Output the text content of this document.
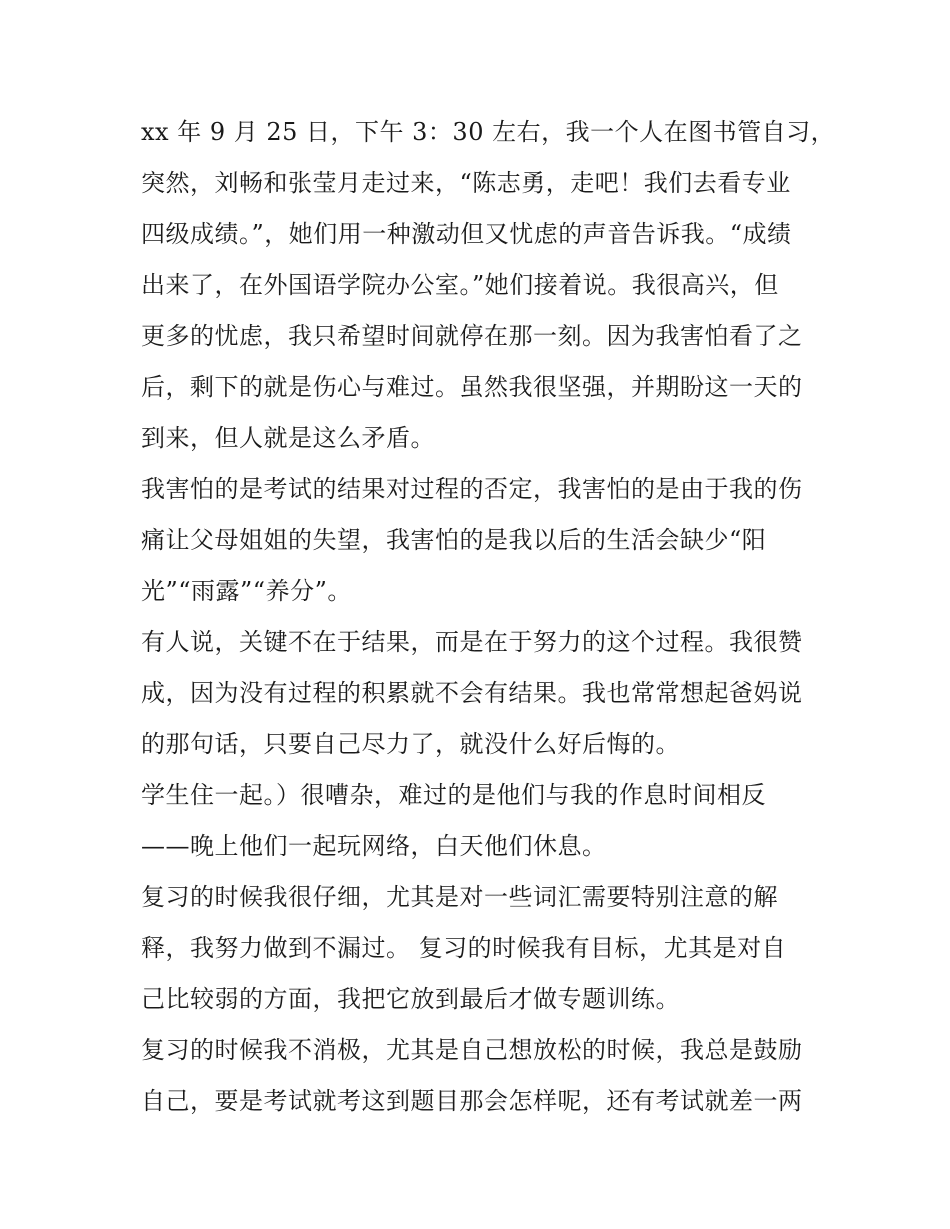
xx 年 9 月 25 日，下午 3：30 左右，我一个人在图书管自习，
突然，刘畅和张莹月走过来，“陈志勇，走吧！我们去看专业
四级成绩。”，她们用一种激动但又忧虑的声音告诉我。“成绩
出来了，在外国语学院办公室。”她们接着说。我很高兴，但
更多的忧虑，我只希望时间就停在那一刻。因为我害怕看了之
后，剩下的就是伤心与难过。虽然我很坚强，并期盼这一天的
到来，但人就是这么矛盾。
我害怕的是考试的结果对过程的否定，我害怕的是由于我的伤
痛让父母姐姐的失望，我害怕的是我以后的生活会缺少“阳
光”“雨露”“养分”。
有人说，关键不在于结果，而是在于努力的这个过程。我很赞
成，因为没有过程的积累就不会有结果。我也常常想起爸妈说
的那句话，只要自己尽力了，就没什么好后悔的。
学生住一起。）很嘈杂，难过的是他们与我的作息时间相反
——晚上他们一起玩网络，白天他们休息。
复习的时候我很仔细，尤其是对一些词汇需要特别注意的解
释，我努力做到不漏过。 复习的时候我有目标，尤其是对自
己比较弱的方面，我把它放到最后才做专题训练。
复习的时候我不消极，尤其是自己想放松的时候，我总是鼓励
自己，要是考试就考这到题目那会怎样呢，还有考试就差一两
